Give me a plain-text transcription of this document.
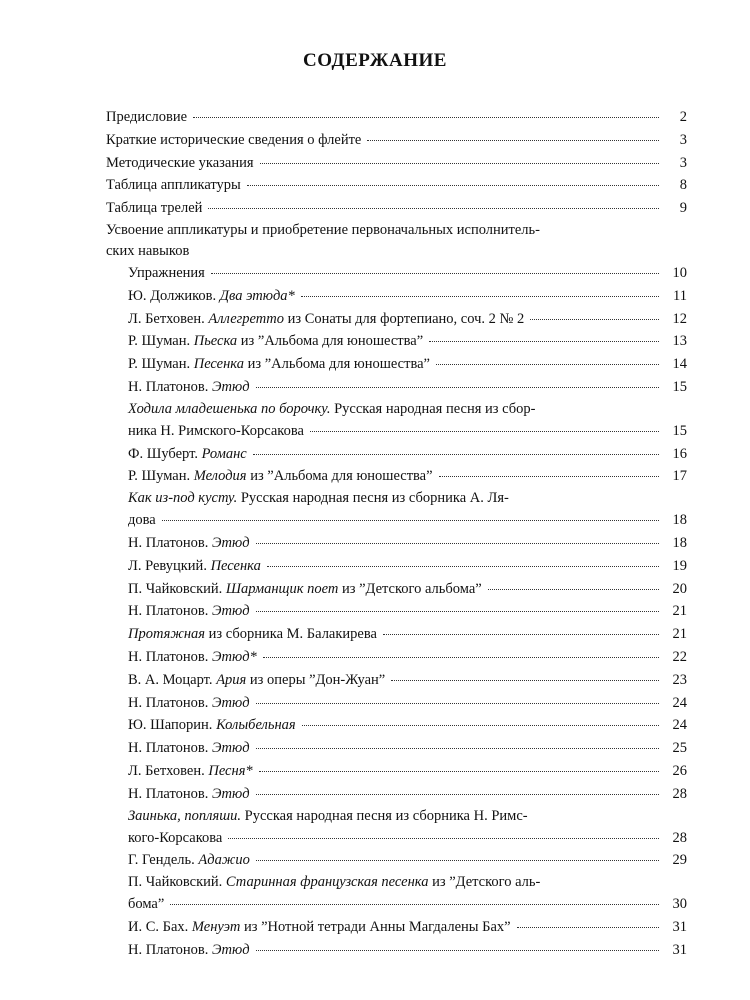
СОДЕРЖАНИЕ
Предисловие	2
Краткие исторические сведения о флейте	3
Методические указания	3
Таблица аппликатуры	8
Таблица трелей	9
Усвоение аппликатуры и приобретение первоначальных исполнитель-
ских навыков
Упражнения	10
Ю. Должиков. Два этюда*	11
Л. Бетховен. Аллегретто из Сонаты для фортепиано, соч. 2 № 2	12
Р. Шуман. Пьеска из ”Альбома для юношества”	13
Р. Шуман. Песенка из ”Альбома для юношества”	14
Н. Платонов. Этюд	15
Ходила младешенька по борочку. Русская народная песня из сбор-
ника Н. Римского-Корсакова	15
Ф. Шуберт. Романс	16
Р. Шуман. Мелодия из ”Альбома для юношества”	17
Как из-под кусту. Русская народная песня из сборника А. Ля-
дова	18
Н. Платонов. Этюд	18
Л. Ревуцкий. Песенка	19
П. Чайковский. Шарманщик поет из ”Детского альбома”	20
Н. Платонов. Этюд	21
Протяжная из сборника М. Балакирева	21
Н. Платонов. Этюд*	22
В. А. Моцарт. Ария из оперы ”Дон-Жуан”	23
Н. Платонов. Этюд	24
Ю. Шапорин. Колыбельная	24
Н. Платонов. Этюд	25
Л. Бетховен. Песня*	26
Н. Платонов. Этюд	28
Заинька, попляши. Русская народная песня из сборника Н. Римс-
кого-Корсакова	28
Г. Гендель. Адажио	29
П. Чайковский. Старинная французская песенка из ”Детского аль-
бома”	30
И. С. Бах. Менуэт из ”Нотной тетради Анны Магдалены Бах”	31
Н. Платонов. Этюд	31
